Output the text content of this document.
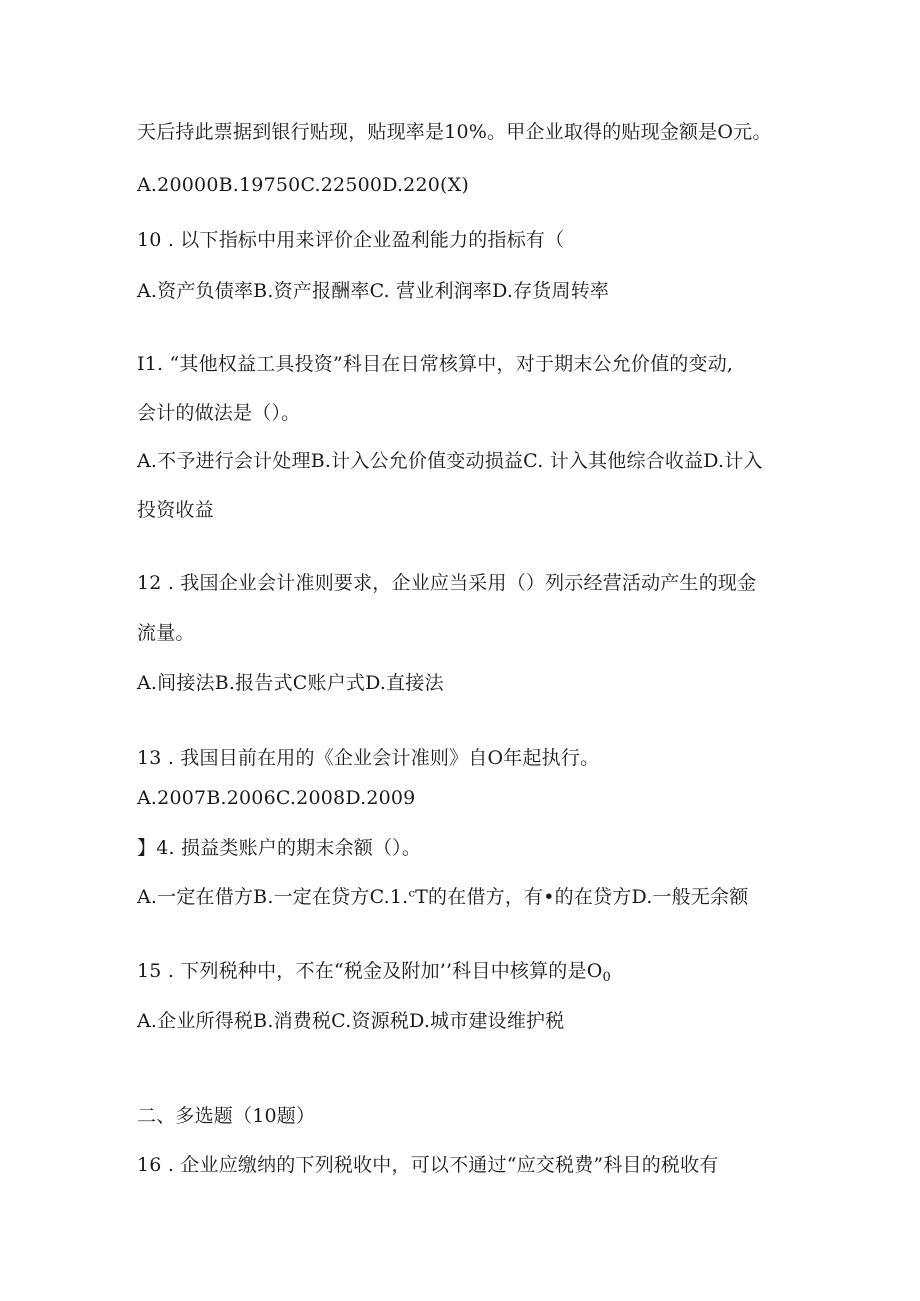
天后持此票据到银行贴现，贴现率是10%。甲企业取得的贴现金额是O元。
A.20000B.19750C.22500D.220(X)
10 . 以下指标中用来评价企业盈利能力的指标有（
A.资产负债率B.资产报酬率C. 营业利润率D.存货周转率
I1. “其他权益工具投资”科目在日常核算中，对于期末公允价值的变动,
会计的做法是（）。
A.不予进行会计处理B.计入公允价值变动损益C. 计入其他综合收益D.计入
投资收益
12 . 我国企业会计准则要求，企业应当采用（）列示经营活动产生的现金
流量。
A.间接法B.报告式C账户式D.直接法
13 . 我国目前在用的《企业会计准则》自O年起执行。
A.2007B.2006C.2008D.2009
】4. 损益类账户的期末余额（）。
A.一定在借方B.一定在贷方C.1.ᶜT的在借方，有•的在贷方D.一般无余额
15 . 下列税种中，不在“税金及附加’’科目中核算的是$O_0$
A.企业所得税B.消费税C.资源税D.城市建设维护税
二、多选题（10题）
16 . 企业应缴纳的下列税收中，可以不通过“应交税费”科目的税收有
